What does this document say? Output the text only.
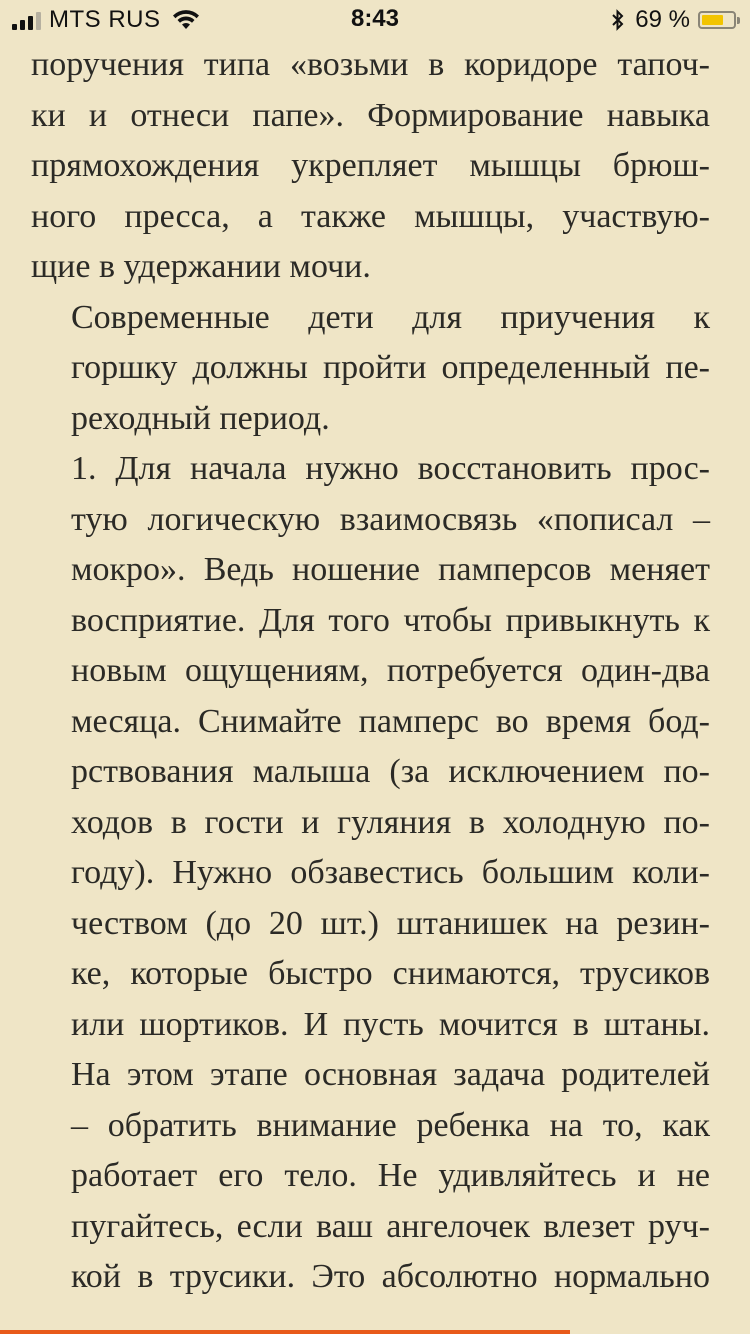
MTS RUS	8:43	69 %

поручения типа «возьми в коридоре тапоч-
ки и отнеси папе». Формирование навыка
прямохождения укрепляет мышцы брюш-
ного пресса, а также мышцы, участвую-
щие в удержании мочи.

Современные дети для приучения к
горшку должны пройти определенный пе-
реходный период.

1. Для начала нужно восстановить прос-
тую логическую взаимосвязь «пописал –
мокро». Ведь ношение памперсов меняет
восприятие. Для того чтобы привыкнуть к
новым ощущениям, потребуется один-два
месяца. Снимайте памперс во время бод-
рствования малыша (за исключением по-
ходов в гости и гуляния в холодную по-
году). Нужно обзавестись большим коли-
чеством (до 20 шт.) штанишек на резин-
ке, которые быстро снимаются, трусиков
или шортиков. И пусть мочится в штаны.
На этом этапе основная задача родителей
– обратить внимание ребенка на то, как
работает его тело. Не удивляйтесь и не
пугайтесь, если ваш ангелочек влезет руч-
кой в трусики. Это абсолютно нормально
